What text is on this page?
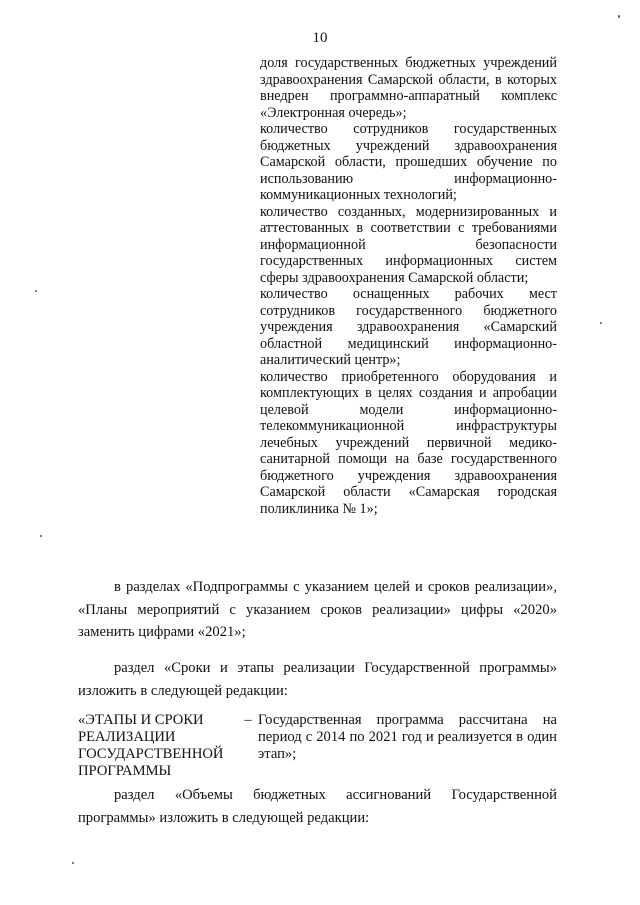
10

доля государственных бюджетных учреждений здравоохранения Самарской области, в которых внедрен программно-аппаратный комплекс «Электронная очередь»;

количество сотрудников государственных бюджетных учреждений здравоохранения Самарской области, прошедших обучение по использованию информационно-коммуникационных технологий;

количество созданных, модернизированных и аттестованных в соответствии с требованиями информационной безопасности государственных информационных систем сферы здравоохранения Самарской области;

количество оснащенных рабочих мест сотрудников государственного бюджетного учреждения здравоохранения «Самарский областной медицинский информационно-аналитический центр»;

количество приобретенного оборудования и комплектующих в целях создания и апробации целевой модели информационно-телекоммуникационной инфраструктуры лечебных учреждений первичной медико-санитарной помощи на базе государственного бюджетного учреждения здравоохранения Самарской области «Самарская городская поликлиника № 1»;

в разделах «Подпрограммы с указанием целей и сроков реализации», «Планы мероприятий с указанием сроков реализации» цифры «2020» заменить цифрами «2021»;

раздел «Сроки и этапы реализации Государственной программы» изложить в следующей редакции:

«ЭТАПЫ И СРОКИ РЕАЛИЗАЦИИ ГОСУДАРСТВЕННОЙ ПРОГРАММЫ
– Государственная программа рассчитана на период с 2014 по 2021 год и реализуется в один этап»;

раздел «Объемы бюджетных ассигнований Государственной программы» изложить в следующей редакции:
